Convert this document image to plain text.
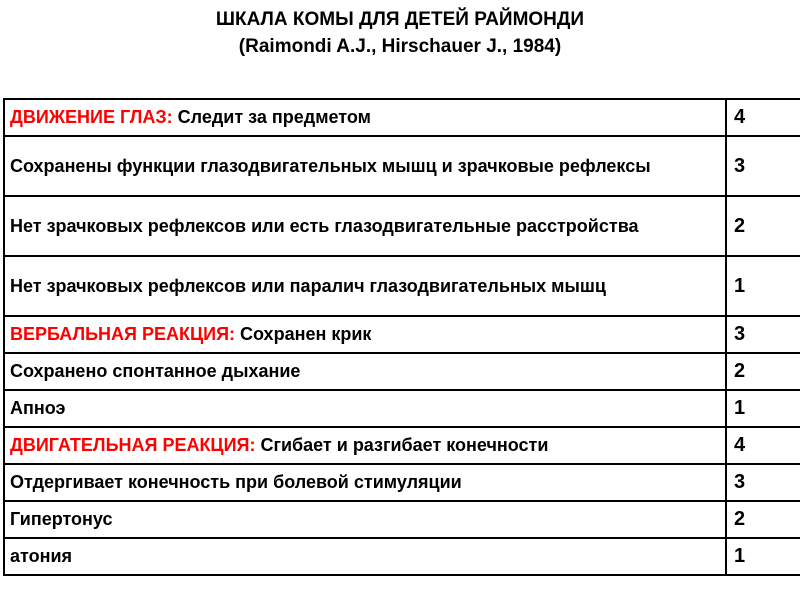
ШКАЛА КОМЫ ДЛЯ ДЕТЕЙ РАЙМОНДИ
(Raimondi A.J., Hirschauer J., 1984)
ДВИЖЕНИЕ ГЛАЗ: Следит за предметом	4
Сохранены функции глазодвигательных мышц и зрачковые рефлексы	3
Нет зрачковых рефлексов или есть глазодвигательные расстройства	2
Нет зрачковых рефлексов или паралич глазодвигательных мышц	1
ВЕРБАЛЬНАЯ РЕАКЦИЯ: Сохранен крик	3
Сохранено спонтанное дыхание	2
Апноэ	1
ДВИГАТЕЛЬНАЯ РЕАКЦИЯ: Сгибает и разгибает конечности	4
Отдергивает конечность при болевой стимуляции	3
Гипертонус	2
атония	1
